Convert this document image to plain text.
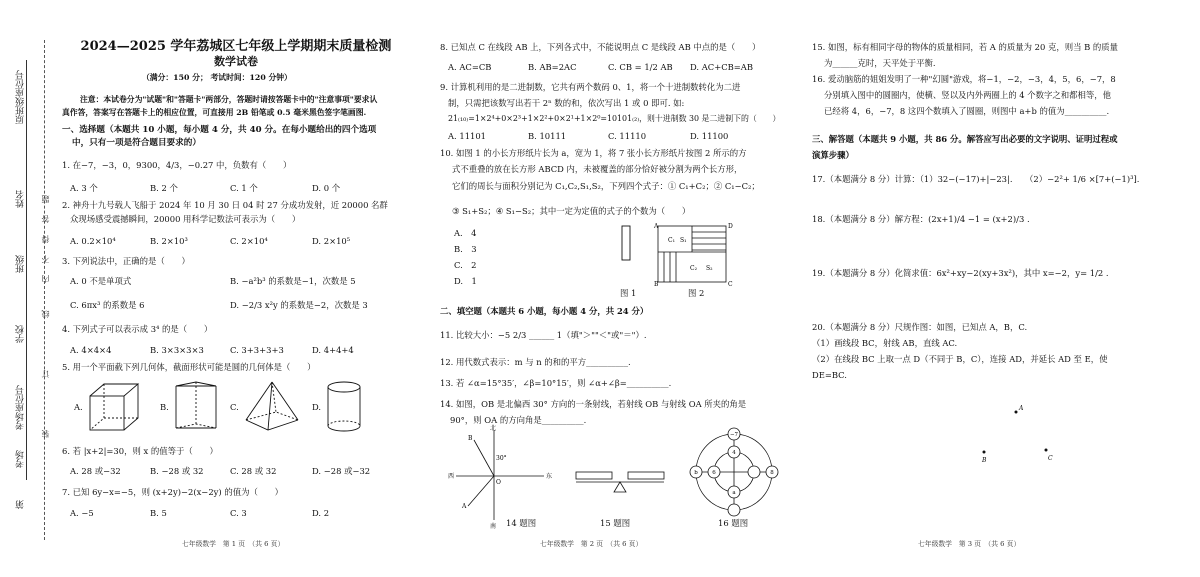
第
考场
考场座位号
学校
班级
姓名
原班级座位号
装
订
线
内
不
得
答
题
2024—2025 学年荔城区七年级上学期期末质量检测
数学试卷
（满分：150 分； 考试时间：120 分钟）
注意：本试卷分为"试题"和"答题卡"两部分，答题时请按答题卡中的"注意事项"要求认
真作答，答案写在答题卡上的相应位置，可直接用 2B 铅笔或 0.5 毫米黑色签字笔画图.
一、选择题（本题共 10 小题，每小题 4 分，共 40 分。在每小题给出的四个选项
中，只有一项是符合题目要求的）
1. 在−7，−3，0，9300，4/3，−0.27 中，负数有（　　）
A. 3 个	B. 2 个	C. 1 个	D. 0 个
2. 神舟十九号载人飞船于 2024 年 10 月 30 日 04 时 27 分成功发射，近 20000 名群
众现场感受震撼瞬间，20000 用科学记数法可表示为（　　）
A. 0.2×10⁴	B. 2×10³	C. 2×10⁴	D. 2×10⁵
3. 下列说法中，正确的是（　　）
A. 0 不是单项式	B. −a²b³ 的系数是−1，次数是 5
C. 6πx³ 的系数是 6	D. −2/3 x²y 的系数是−2，次数是 3
4. 下列式子可以表示成 3⁴ 的是（　　）
A. 4×4×4	B. 3×3×3×3	C. 3+3+3+3	D. 4+4+4
5. 用一个平面截下列几何体，截面形状可能是圆的几何体是（　　）
A.	B.	C.	D.
6. 若 |x+2|=30，则 x 的值等于（　　）
A. 28 或−32	B. −28 或 32	C. 28 或 32	D. −28 或−32
7. 已知 6y−x=−5，则 (x+2y)−2(x−2y) 的值为（　　）
A. −5	B. 5	C. 3	D. 2
七年级数学　第 1 页　（共 6 页）
8. 已知点 C 在线段 AB 上，下列各式中，不能说明点 C 是线段 AB 中点的是（　　）
A. AC=CB	B. AB=2AC	C. CB = 1/2 AB D. AC+CB=AB
9. 计算机利用的是二进制数，它共有两个数码 0、1，将一个十进制数转化为二进
制，只需把该数写出若干 2ⁿ 数的和，依次写出 1 或 0 即可. 如:
21₍₁₀₎=1×2⁴+0×2³+1×2²+0×2¹+1×2⁰=10101₍₂₎，则十进制数 30 是二进制下的（　　）
A. 11101	B. 10111	C. 11110	D. 11100
10. 如图 1 的小长方形纸片长为 a，宽为 1，将 7 张小长方形纸片按图 2 所示的方
式不重叠的放在长方形 ABCD 内，未被覆盖的部分恰好被分割为两个长方形，
它们的周长与面积分别记为 C₁,C₂,S₁,S₂，下列四个式子：① C₁+C₂；② C₁−C₂；
③ S₁+S₂；④ S₁−S₂；其中一定为定值的式子的个数为（　　）
A.　4
B.　3
C.　2
D.　1
图 1
A	D
B	C
C₁ S₁
C₂ S₂
图 2
二、填空题（本题共 6 小题，每小题 4 分，共 24 分）
11. 比较大小：−5 2/3 ______ 1（填"＞""＜"或"＝"）.
12. 用代数式表示：m 与 n 的和的平方__________.
13. 若 ∠α=15°35′，∠β=10°15′，则 ∠α+∠β=__________.
14. 如图，OB 是北偏西 30° 方向的一条射线，若射线 OB 与射线 OA 所夹的角是
90°，则 OA 的方向角是__________.
北
南
西	东
B
A
O
30°
14 题图	15 题图
−7
4
6	8
a
b
16 题图
七年级数学　第 2 页　（共 6 页）
15. 如图，标有相同字母的物体的质量相同，若 A 的质量为 20 克，则当 B 的质量
为______克时，天平处于平衡.
16. 爱动脑筋的姐姐发明了一种"幻圆"游戏，将−1，−2，−3，4，5，6，−7，8
分别填入图中的圆圈内，使横、竖以及内外两圈上的 4 个数字之和都相等，他
已经将 4，6，−7，8 这四个数填入了圆圈，则图中 a+b 的值为__________.
三、解答题（本题共 9 小题，共 86 分。解答应写出必要的文字说明、证明过程或
演算步骤）
17.（本题满分 8 分）计算：（1）32−(−17)+|−23|.　　（2）−2²+ 1/6 ×[7+(−1)³].
18.（本题满分 8 分）解方程：(2x+1)/4 −1 = (x+2)/3 .
19.（本题满分 8 分）化简求值：6x²+xy−2(xy+3x²)，其中 x=−2，y= 1/2 .
20.（本题满分 8 分）尺规作图：如图，已知点 A，B，C.
（1）画线段 BC，射线 AB，直线 AC.
（2）在线段 BC 上取一点 D（不同于 B，C），连接 AD，并延长 AD 至 E，使
DE=BC.
A
B	C
七年级数学　第 3 页　（共 6 页）
